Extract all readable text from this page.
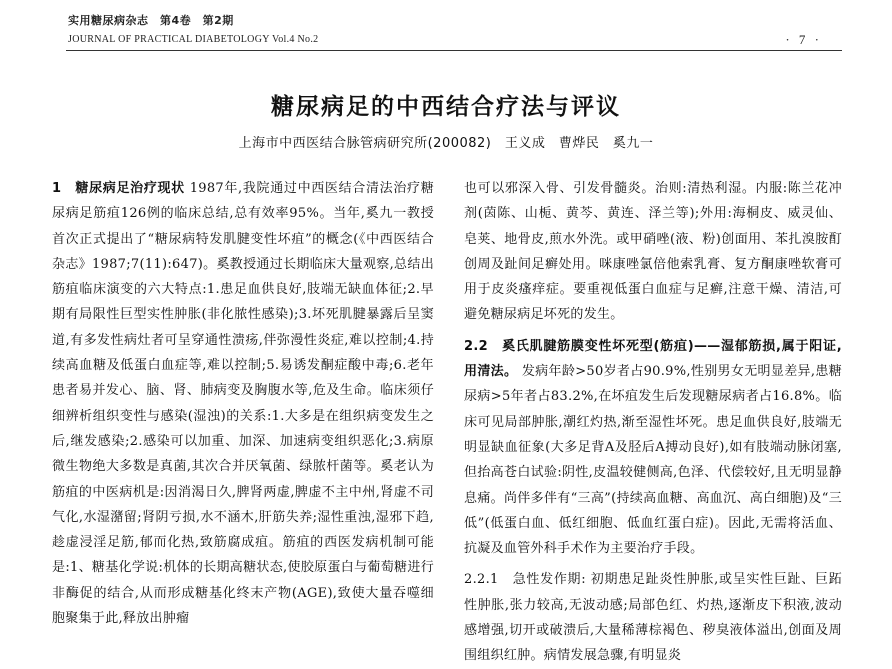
实用糖尿病杂志　第4卷　第2期
JOURNAL OF PRACTICAL DIABETOLOGY Vol.4 No.2	· 7 ·
糖尿病足的中西结合疗法与评议
上海市中西医结合脉管病研究所(200082)　王义成　曹烨民　奚九一

1　糖尿病足治疗现状 1987年,我院通过中西医结合清法治疗糖尿病足筋疽126例的临床总结,总有效率95%。当年,奚九一教授首次正式提出了“糖尿病特发肌腱变性坏疽”的概念(《中西医结合杂志》1987;7(11):647)。奚教授通过长期临床大量观察,总结出筋疽临床演变的六大特点:1.患足血供良好,肢端无缺血体征;2.早期有局限性巨型实性肿胀(非化脓性感染);3.坏死肌腱暴露后呈窦道,有多发性病灶者可呈穿通性溃疡,伴弥漫性炎症,难以控制;4.持续高血糖及低蛋白血症等,难以控制;5.易诱发酮症酸中毒;6.老年患者易并发心、脑、肾、肺病变及胸腹水等,危及生命。临床须仔细辨析组织变性与感染(湿浊)的关系:1.大多是在组织病变发生之后,继发感染;2.感染可以加重、加深、加速病变组织恶化;3.病原微生物绝大多数是真菌,其次合并厌氧菌、绿脓杆菌等。奚老认为筋疽的中医病机是:因消渴日久,脾肾两虚,脾虚不主中州,肾虚不司气化,水湿潴留;肾阴亏损,水不涵木,肝筋失养;湿性重浊,湿邪下趋,趁虚浸淫足筋,郁而化热,致筋腐成疽。筋疽的西医发病机制可能是:1、糖基化学说:机体的长期高糖状态,使胶原蛋白与葡萄糖进行非酶促的结合,从而形成糖基化终末产物(AGE),致使大量吞噬细胞聚集于此,释放出肿瘤

也可以邪深入骨、引发骨髓炎。治则:清热利湿。内服:陈兰花冲剂(茵陈、山栀、黄芩、黄连、泽兰等);外用:海桐皮、威灵仙、皂荚、地骨皮,煎水外洗。或甲硝唑(液、粉)创面用、苯扎溴胺酊创周及趾间足癣处用。咪康唑氯倍他索乳膏、复方酮康唑软膏可用于皮炎瘙痒症。要重视低蛋白血症与足癣,注意干燥、清洁,可避免糖尿病足坏死的发生。

2.2　奚氏肌腱筋膜变性坏死型(筋疽)——湿郁筋损,属于阳证,用清法。 发病年龄>50岁者占90.9%,性别男女无明显差异,患糖尿病>5年者占83.2%,在坏疽发生后发现糖尿病者占16.8%。临床可见局部肿胀,潮红灼热,渐至湿性坏死。患足血供良好,肢端无明显缺血征象(大多足背A及胫后A搏动良好),如有肢端动脉闭塞,但抬高苍白试验:阴性,皮温较健侧高,色泽、代偿较好,且无明显静息痛。尚伴多伴有“三高”(持续高血糖、高血沉、高白细胞)及“三低”(低蛋白血、低红细胞、低血红蛋白症)。因此,无需将活血、抗凝及血管外科手术作为主要治疗手段。

2.2.1　急性发作期: 初期患足趾炎性肿胀,或呈实性巨趾、巨跖性肿胀,张力较高,无波动感;局部色红、灼热,逐渐皮下积液,波动感增强,切开或破溃后,大量稀薄棕褐色、秽臭液体溢出,创面及周围组织红肿。病情发展急骤,有明显炎
